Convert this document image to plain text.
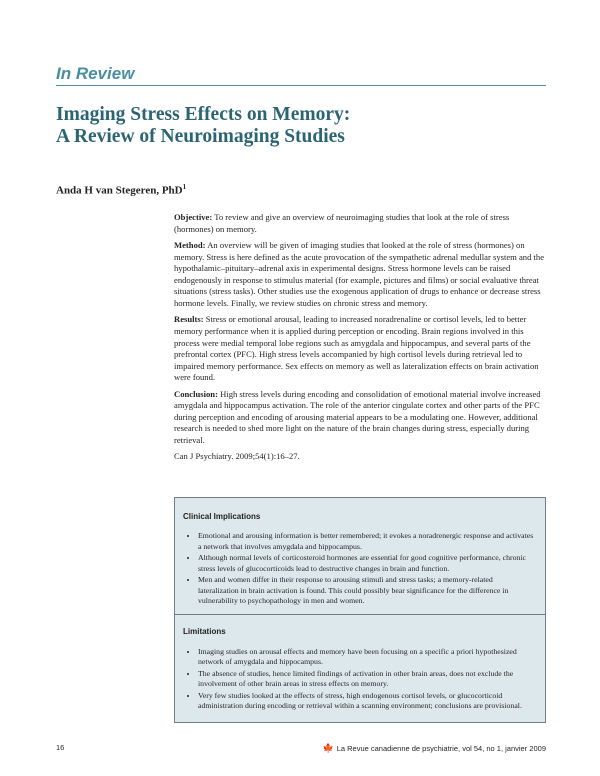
In Review
Imaging Stress Effects on Memory:
A Review of Neuroimaging Studies
Anda H van Stegeren, PhD$^1$

Objective: To review and give an overview of neuroimaging studies that look at the role of stress (hormones) on memory.

Method: An overview will be given of imaging studies that looked at the role of stress (hormones) on memory. Stress is here defined as the acute provocation of the sympathetic adrenal medullar system and the hypothalamic–pituitary–adrenal axis in experimental designs. Stress hormone levels can be raised endogenously in response to stimulus material (for example, pictures and films) or social evaluative threat situations (stress tasks). Other studies use the exogenous application of drugs to enhance or decrease stress hormone levels. Finally, we review studies on chronic stress and memory.

Results: Stress or emotional arousal, leading to increased noradrenaline or cortisol levels, led to better memory performance when it is applied during perception or encoding. Brain regions involved in this process were medial temporal lobe regions such as amygdala and hippocampus, and several parts of the prefrontal cortex (PFC). High stress levels accompanied by high cortisol levels during retrieval led to impaired memory performance. Sex effects on memory as well as lateralization effects on brain activation were found.

Conclusion: High stress levels during encoding and consolidation of emotional material involve increased amygdala and hippocampus activation. The role of the anterior cingulate cortex and other parts of the PFC during perception and encoding of arousing material appears to be a modulating one. However, additional research is needed to shed more light on the nature of the brain changes during stress, especially during retrieval.

Can J Psychiatry. 2009;54(1):16–27.

Clinical Implications
• Emotional and arousing information is better remembered; it evokes a noradrenergic response and activates a network that involves amygdala and hippocampus.
• Although normal levels of corticosteroid hormones are essential for good cognitive performance, chronic stress levels of glucocorticoids lead to destructive changes in brain and function.
• Men and women differ in their response to arousing stimuli and stress tasks; a memory-related lateralization in brain activation is found. This could possibly bear significance for the difference in vulnerability to psychopathology in men and women.
Limitations
• Imaging studies on arousal effects and memory have been focusing on a specific a priori hypothesized network of amygdala and hippocampus.
• The absence of studies, hence limited findings of activation in other brain areas, does not exclude the involvement of other brain areas in stress effects on memory.
• Very few studies looked at the effects of stress, high endogenous cortisol levels, or glucocorticoid administration during encoding or retrieval within a scanning environment; conclusions are provisional.
16	🍁 La Revue canadienne de psychiatrie, vol 54, no 1, janvier 2009
